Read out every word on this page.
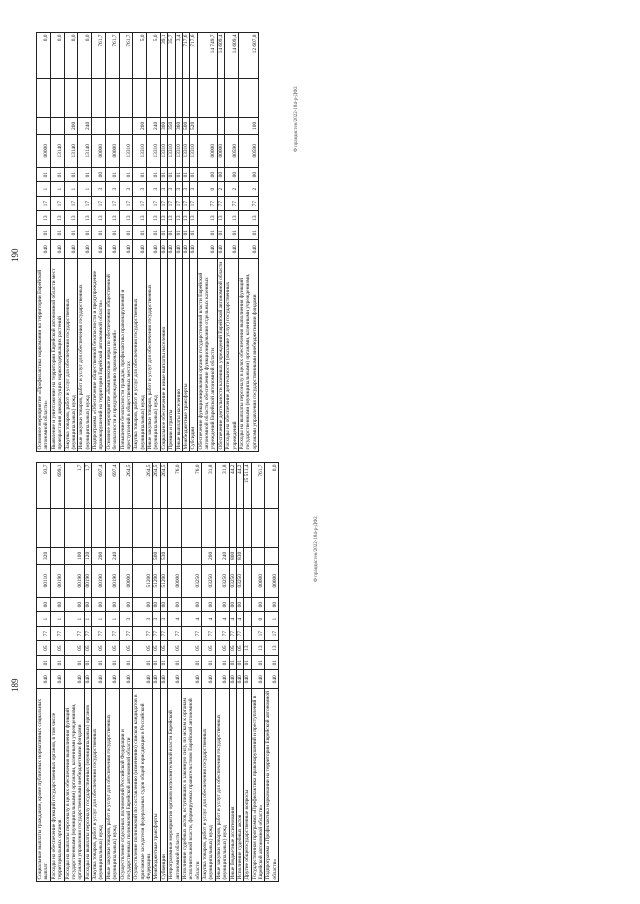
189
Социальные выплаты гражданам, кроме публичных нормативных социальных выплат	040	01	05	77	1	00	00110	320		93,7
Расходы на обеспечение функций государственных органов, в том числе территориальных органов	040	01	05	77	1	00	00190			699,1
Расходы на выплаты персоналу в целях обеспечения выполнения функций государственными (муниципальными) органами, казенными учреждениями, органами управления государственными внебюджетными фондами	040	01	05	77	1	00	00190	100		1,7
Расходы на выплаты персоналу государственных (муниципальных) органов	040	01	05	77	1	00	00190	120		1,7
Закупка товаров, работ и услуг для обеспечения государственных (муниципальных) нужд	040	01	05	77	1	00	00190	200		697,4
Иные закупки товаров, работ и услуг для обеспечения государственных (муниципальных) нужд	040	01	05	77	1	00	00190	240		697,4
Осуществление отдельных полномочий Российской Федерации и государственных полномочий Еврейской автономной области	040	01	05	77	3	00	00000			264,5
Осуществление полномочий по составлению (изменению) списков кандидатов в присяжные заседатели федеральных судов общей юрисдикции в Российской Федерации	040	01	05	77	3	00	51200			264,5
Межбюджетные трансферты	040	01	05	77	3	00	51200	500		264,5
Субвенции	040	01	05	77	3	00	51200	530		264,5
Непрограммные мероприятия органов исполнительной власти Еврейской автономной области	040	01	05	77	4	00	00000			76,0
Исполнение судебных актов, вступивших в законную силу, по искам к органам исполнительной власти, формируемых правительством Еврейской автономной области	040	01	05	77	4	00	03250			76,0
Закупка товаров, работ и услуг для обеспечения государственных (муниципальных) нужд	040	01	05	77	4	00	03250	200		31,8
Иные закупки товаров, работ и услуг для обеспечения государственных (муниципальных) нужд	040	01	05	77	4	00	03250	240		31,8
Иные бюджетные ассигнования	040	01	05	77	4	00	03250	800		44,2
Исполнение судебных актов	040	01	05	77	4	00	03250	830		44,2
Другие общегосударственные вопросы	040	01	13							15 511,4
Государственная программа «Профилактика правонарушений и преступлений в Еврейской автономной области»	040	01	13	17	0	00	00000			761,7
Подпрограмма «Профилактика наркомании на территории Еврейской автономной области»	040	01	13	17	1	00	00000			0,0
Ф правдистен/2022-184-p-ДФ2
190
Основное мероприятие «Профилактика наркомании на территории Еврейской автономной области»	040	01	13	17	1	01	00000			0,0
Выявление и уничтожение на территории Еврейской автономной области мест произрастания дикорастущих наркосодержащих растений	040	01	13	17	1	01	13140			0,0
Закупка товаров, работ и услуг для обеспечения государственных (муниципальных) нужд	040	01	13	17	1	01	13140	200		0,0
Иные закупки товаров, работ и услуг для обеспечения государственных (муниципальных) нужд	040	01	13	17	1	01	13140	240		0,0
Подпрограмма «Обеспечение общественной безопасности и предупреждение правонарушений на территории Еврейской автономной области»	040	01	13	17	3	00	00000			761,7
Основное мероприятие «Комплексные меры по обеспечению общественной безопасности и предупреждению правонарушений»	040	01	13	17	3	01	00000			761,7
Повышение безопасности граждан, профилактика правонарушений и преступлений в общественных местах	040	01	13	17	3	01	13310			761,7
Закупка товаров, работ и услуг для обеспечения государственных (муниципальных) нужд	040	01	13	17	3	01	13310	200		5,0
Иные закупки товаров, работ и услуг для обеспечения государственных (муниципальных) нужд	040	01	13	17	3	01	13310	240		5,0
Социальное обеспечение и иные выплаты населению	040	01	13	17	3	01	13310	300		39,1
Премии и гранты	040	01	13	17	3	01	13310	350		35,7
Иные выплаты населению	040	01	13	17	3	01	13310	360		3,4
Межбюджетные трансферты	040	01	13	17	3	01	13310	500		717,6
Субсидии	040	01	13	17	3	01	13310	520		717,6
Обеспечение функционирования органов государственной власти Еврейской автономной области, обеспечение функционирования отдельных казенных учреждений Еврейской автономной области	040	01	13	77	0	00	00000			14 749,7
Обеспечение деятельности казенных учреждений Еврейской автономной области	040	01	13	77	2	00	00000			14 609,4
Расходы на обеспечение деятельности (оказание услуг) государственных учреждений	040	01	13	77	2	00	00590			14 609,4
Расходы на выплаты персоналу в целях обеспечения выполнения функций государственными (муниципальными) органами, казенными учреждениями, органами управления государственными внебюджетными фондами	040	01	13	77	2	00	00590	100		12 607,8
Ф правдистен/2022-184-p-ДФ2
